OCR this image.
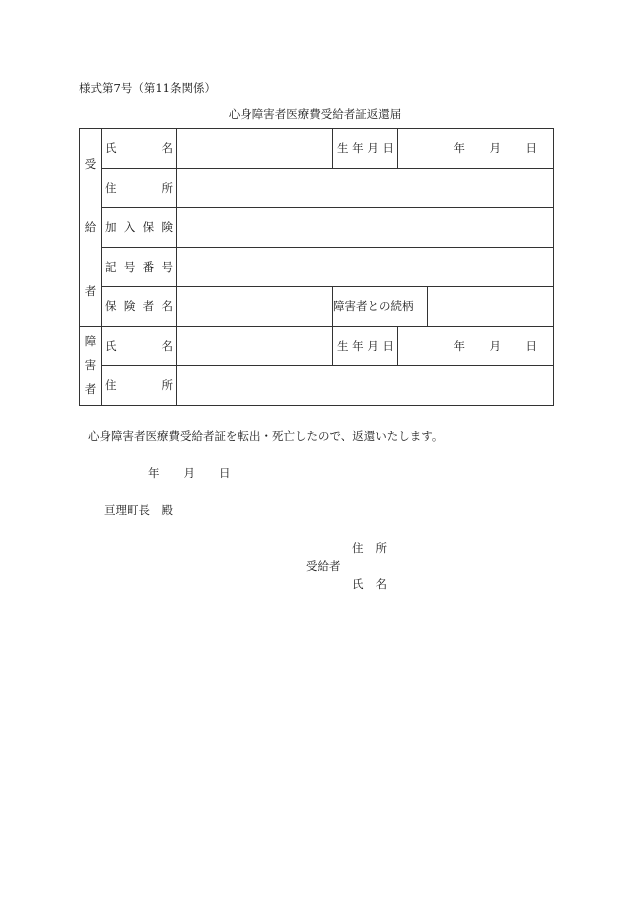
様式第7号（第11条関係）
心身障害者医療費受給者証返還届
受
給
者	氏 名		生 年 月 日	年 月 日	

	住 所				

	加 入 保 険				

	記 号 番 号				

	保 険 者 名		障害者との続柄		

障
害
者	氏 名		生 年 月 日	年 月 日	

	住 所				

心身障害者医療費受給者証を転出・死亡したので、返還いたします。
年 月 日
亘理町長　殿
住 所
受給者
氏 名
